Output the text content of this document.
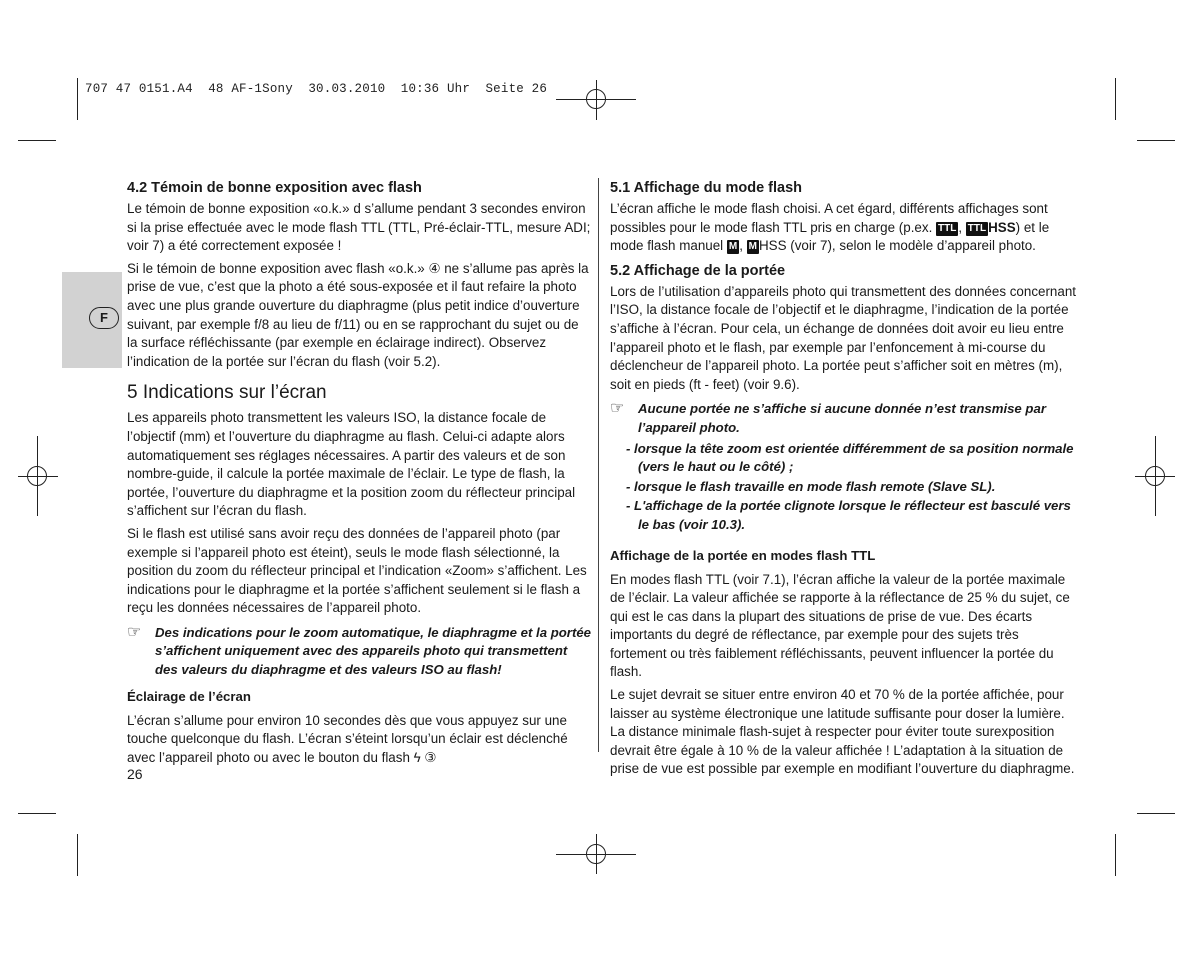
707 47 0151.A4  48 AF-1Sony  30.03.2010  10:36 Uhr  Seite 26
F
4.2 Témoin de bonne exposition avec flash

Le témoin de bonne exposition «o.k.» d s’allume pendant 3 secondes environ si la prise effectuée avec le mode flash TTL (TTL, Pré-éclair-TTL, mesure ADI; voir 7) a été correctement exposée !

Si le témoin de bonne exposition avec flash «o.k.» ④ ne s’allume pas après la prise de vue, c’est que la photo a été sous-exposée et il faut refaire la photo avec une plus grande ouverture du diaphragme (plus petit indice d’ouverture suivant, par exemple f/8 au lieu de f/11) ou en se rapprochant du sujet ou de la surface réfléchissante (par exemple en éclairage indirect). Observez l’indication de la portée sur l’écran du flash (voir 5.2).

5 Indications sur l’écran

Les appareils photo transmettent les valeurs ISO, la distance focale de l’objectif (mm) et l’ouverture du diaphragme au flash. Celui-ci adapte alors automatiquement ses réglages nécessaires. A partir des valeurs et de son nombre-guide, il calcule la portée maximale de l’éclair. Le type de flash, la portée, l’ouverture du diaphragme et la position zoom du réflecteur principal s’affichent sur l’écran du flash.

Si le flash est utilisé sans avoir reçu des données de l’appareil photo (par exemple si l’appareil photo est éteint), seuls le mode flash sélectionné, la position du zoom du réflecteur principal et l’indication «Zoom» s’affichent. Les indications pour le diaphragme et la portée s’affichent seulement si le flash a reçu les données nécessaires de l’appareil photo.

☞ Des indications pour le zoom automatique, le diaphragme et la portée s’affichent uniquement avec des appareils photo qui transmettent des valeurs du diaphragme et des valeurs ISO au flash!
Éclairage de l’écran

L’écran s’allume pour environ 10 secondes dès que vous appuyez sur une touche quelconque du flash. L’écran s’éteint lorsqu’un éclair est déclenché avec l’appareil photo ou avec le bouton du flash ϟ ③

5.1 Affichage du mode flash

L’écran affiche le mode flash choisi. A cet égard, différents affichages sont possibles pour le mode flash TTL pris en charge (p.ex. TTL , TTL HSS) et le mode flash manuel M , M HSS (voir 7), selon le modèle d’appareil photo.

5.2 Affichage de la portée

Lors de l’utilisation d’appareils photo qui transmettent des données concernant l’ISO, la distance focale de l’objectif et le diaphragme, l’indication de la portée s’affiche à l’écran. Pour cela, un échange de données doit avoir eu lieu entre l’appareil photo et le flash, par exemple par l’enfoncement à mi-course du déclencheur de l’appareil photo. La portée peut s’afficher soit en mètres (m), soit en pieds (ft - feet) (voir 9.6).

☞ Aucune portée ne s’affiche si aucune donnée n’est transmise par l’appareil photo.
- lorsque la tête zoom est orientée différemment de sa position normale (vers le haut ou le côté) ;
- lorsque le flash travaille en mode flash remote (Slave SL).
- L'affichage de la portée clignote lorsque le réflecteur est basculé vers le bas (voir 10.3).
Affichage de la portée en modes flash TTL

En modes flash TTL (voir 7.1), l’écran affiche la valeur de la portée maximale de l’éclair. La valeur affichée se rapporte à la réflectance de 25 % du sujet, ce qui est le cas dans la plupart des situations de prise de vue. Des écarts importants du degré de réflectance, par exemple pour des sujets très fortement ou très faiblement réfléchissants, peuvent influencer la portée du flash.

Le sujet devrait se situer entre environ 40 et 70 % de la portée affichée, pour laisser au système électronique une latitude suffisante pour doser la lumière. La distance minimale flash-sujet à respecter pour éviter toute surexposition devrait être égale à 10 % de la valeur affichée ! L’adaptation à la situation de prise de vue est possible par exemple en modifiant l’ouverture du diaphragme.

26
